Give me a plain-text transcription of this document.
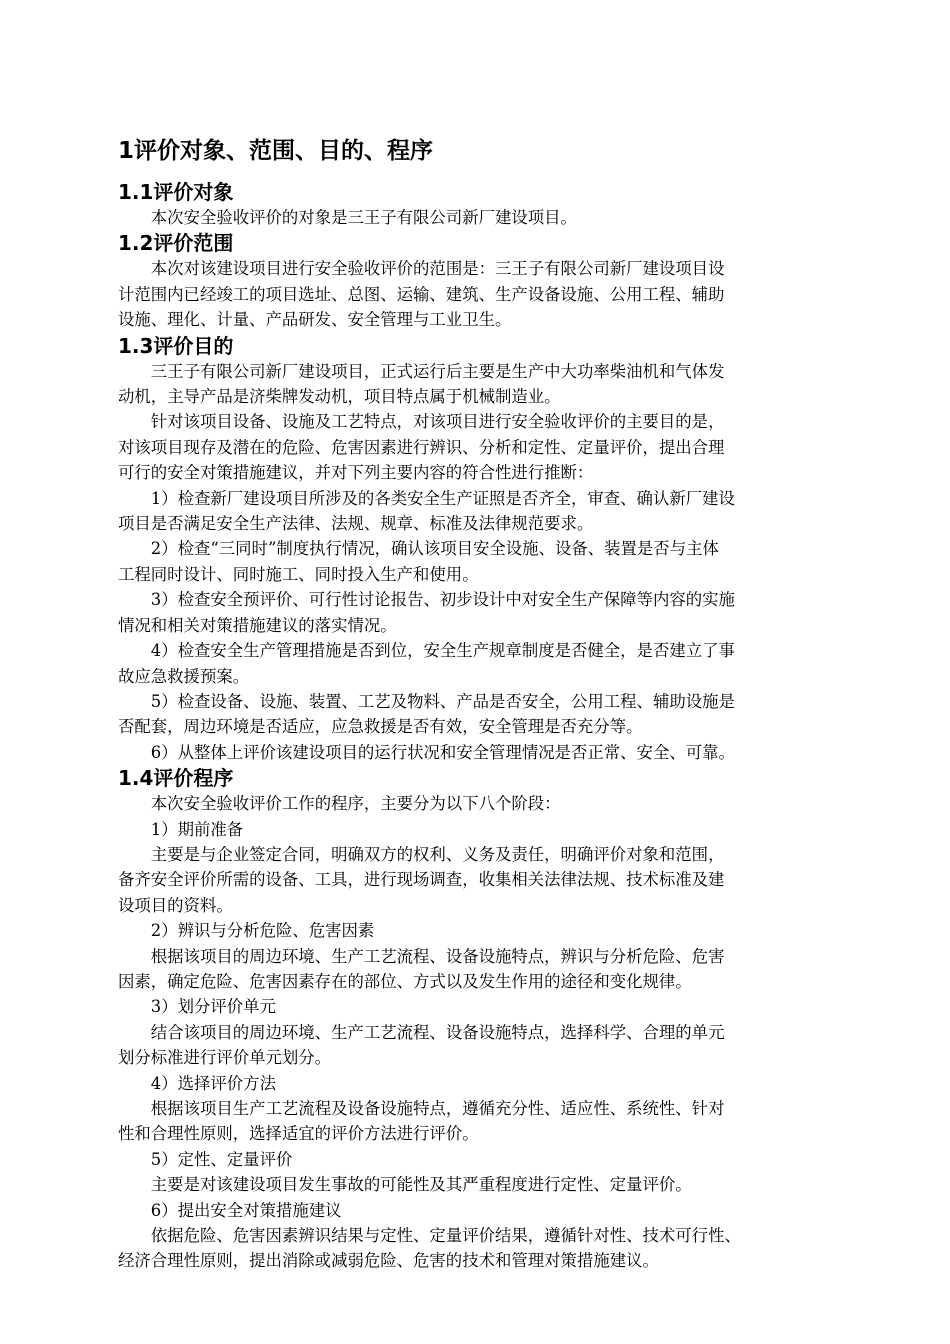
1评价对象、范围、目的、程序
1.1评价对象
本次安全验收评价的对象是三王子有限公司新厂建设项目。
1.2评价范围
本次对该建设项目进行安全验收评价的范围是：三王子有限公司新厂建设项目设
计范围内已经竣工的项目选址、总图、运输、建筑、生产设备设施、公用工程、辅助
设施、理化、计量、产品研发、安全管理与工业卫生。
1.3评价目的
三王子有限公司新厂建设项目，正式运行后主要是生产中大功率柴油机和气体发
动机，主导产品是济柴牌发动机，项目特点属于机械制造业。
针对该项目设备、设施及工艺特点，对该项目进行安全验收评价的主要目的是，
对该项目现存及潜在的危险、危害因素进行辨识、分析和定性、定量评价，提出合理
可行的安全对策措施建议，并对下列主要内容的符合性进行推断：
1）检查新厂建设项目所涉及的各类安全生产证照是否齐全，审查、确认新厂建设
项目是否满足安全生产法律、法规、规章、标准及法律规范要求。
2）检查“三同时”制度执行情况，确认该项目安全设施、设备、装置是否与主体
工程同时设计、同时施工、同时投入生产和使用。
3）检查安全预评价、可行性讨论报告、初步设计中对安全生产保障等内容的实施
情况和相关对策措施建议的落实情况。
4）检查安全生产管理措施是否到位，安全生产规章制度是否健全，是否建立了事
故应急救援预案。
5）检查设备、设施、装置、工艺及物料、产品是否安全，公用工程、辅助设施是
否配套，周边环境是否适应，应急救援是否有效，安全管理是否充分等。
6）从整体上评价该建设项目的运行状况和安全管理情况是否正常、安全、可靠。
1.4评价程序
本次安全验收评价工作的程序，主要分为以下八个阶段：
1）期前准备
主要是与企业签定合同，明确双方的权利、义务及责任，明确评价对象和范围，
备齐安全评价所需的设备、工具，进行现场调查，收集相关法律法规、技术标准及建
设项目的资料。
2）辨识与分析危险、危害因素
根据该项目的周边环境、生产工艺流程、设备设施特点，辨识与分析危险、危害
因素，确定危险、危害因素存在的部位、方式以及发生作用的途径和变化规律。
3）划分评价单元
结合该项目的周边环境、生产工艺流程、设备设施特点，选择科学、合理的单元
划分标准进行评价单元划分。
4）选择评价方法
根据该项目生产工艺流程及设备设施特点，遵循充分性、适应性、系统性、针对
性和合理性原则，选择适宜的评价方法进行评价。
5）定性、定量评价
主要是对该建设项目发生事故的可能性及其严重程度进行定性、定量评价。
6）提出安全对策措施建议
依据危险、危害因素辨识结果与定性、定量评价结果，遵循针对性、技术可行性、
经济合理性原则，提出消除或减弱危险、危害的技术和管理对策措施建议。
